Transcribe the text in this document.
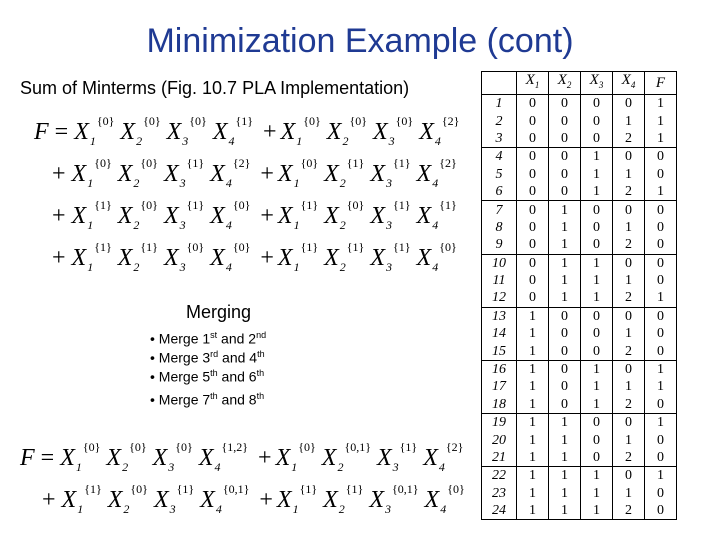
Minimization Example (cont)
Sum of Minterms (Fig. 10.7 PLA Implementation)
$F = X_1^{\{0\}}$ $X_2^{\{0\}}$ $X_3^{\{0\}}$ $X_4^{\{1\}} + X_1^{\{0\}}$ $X_2^{\{0\}}$ $X_3^{\{0\}}$ $X_4^{\{2\}}$
+ $X_1^{\{0\}}$ $X_2^{\{0\}}$ $X_3^{\{1\}}$ $X_4^{\{2\}} + X_1^{\{0\}}$ $X_2^{\{1\}}$ $X_3^{\{1\}}$ $X_4^{\{2\}}$
+ $X_1^{\{1\}}$ $X_2^{\{0\}}$ $X_3^{\{1\}}$ $X_4^{\{0\}} + X_1^{\{1\}}$ $X_2^{\{0\}}$ $X_3^{\{1\}}$ $X_4^{\{1\}}$
+ $X_1^{\{1\}}$ $X_2^{\{1\}}$ $X_3^{\{0\}}$ $X_4^{\{0\}} + X_1^{\{1\}}$ $X_2^{\{1\}}$ $X_3^{\{1\}}$ $X_4^{\{0\}}$
$F = X_1^{\{0\}}$ $X_2^{\{0\}}$ $X_3^{\{0\}}$ $X_4^{\{1,2\}} + X_1^{\{0\}}$ $X_2^{\{0,1\}}$ $X_3^{\{1\}}$ $X_4^{\{2\}}$
+ $X_1^{\{1\}}$ $X_2^{\{0\}}$ $X_3^{\{1\}}$ $X_4^{\{0,1\}} + X_1^{\{1\}}$ $X_2^{\{1\}}$ $X_3^{\{0,1\}}$ $X_4^{\{0\}}$
Merging
• Merge 1st and 2nd
• Merge 3rd and 4th
• Merge 5th and 6th
• Merge 7th and 8th
	$X_1$	$X_2$	$X_3$	$X_4$	F
1	0	0	0	0	1
2	0	0	0	1	1
3	0	0	0	2	1
4	0	0	1	0	0
5	0	0	1	1	0
6	0	0	1	2	1
7	0	1	0	0	0
8	0	1	0	1	0
9	0	1	0	2	0
10	0	1	1	0	0
11	0	1	1	1	0
12	0	1	1	2	1
13	1	0	0	0	0
14	1	0	0	1	0
15	1	0	0	2	0
16	1	0	1	0	1
17	1	0	1	1	1
18	1	0	1	2	0
19	1	1	0	0	1
20	1	1	0	1	0
21	1	1	0	2	0
22	1	1	1	0	1
23	1	1	1	1	0
24	1	1	1	2	0
